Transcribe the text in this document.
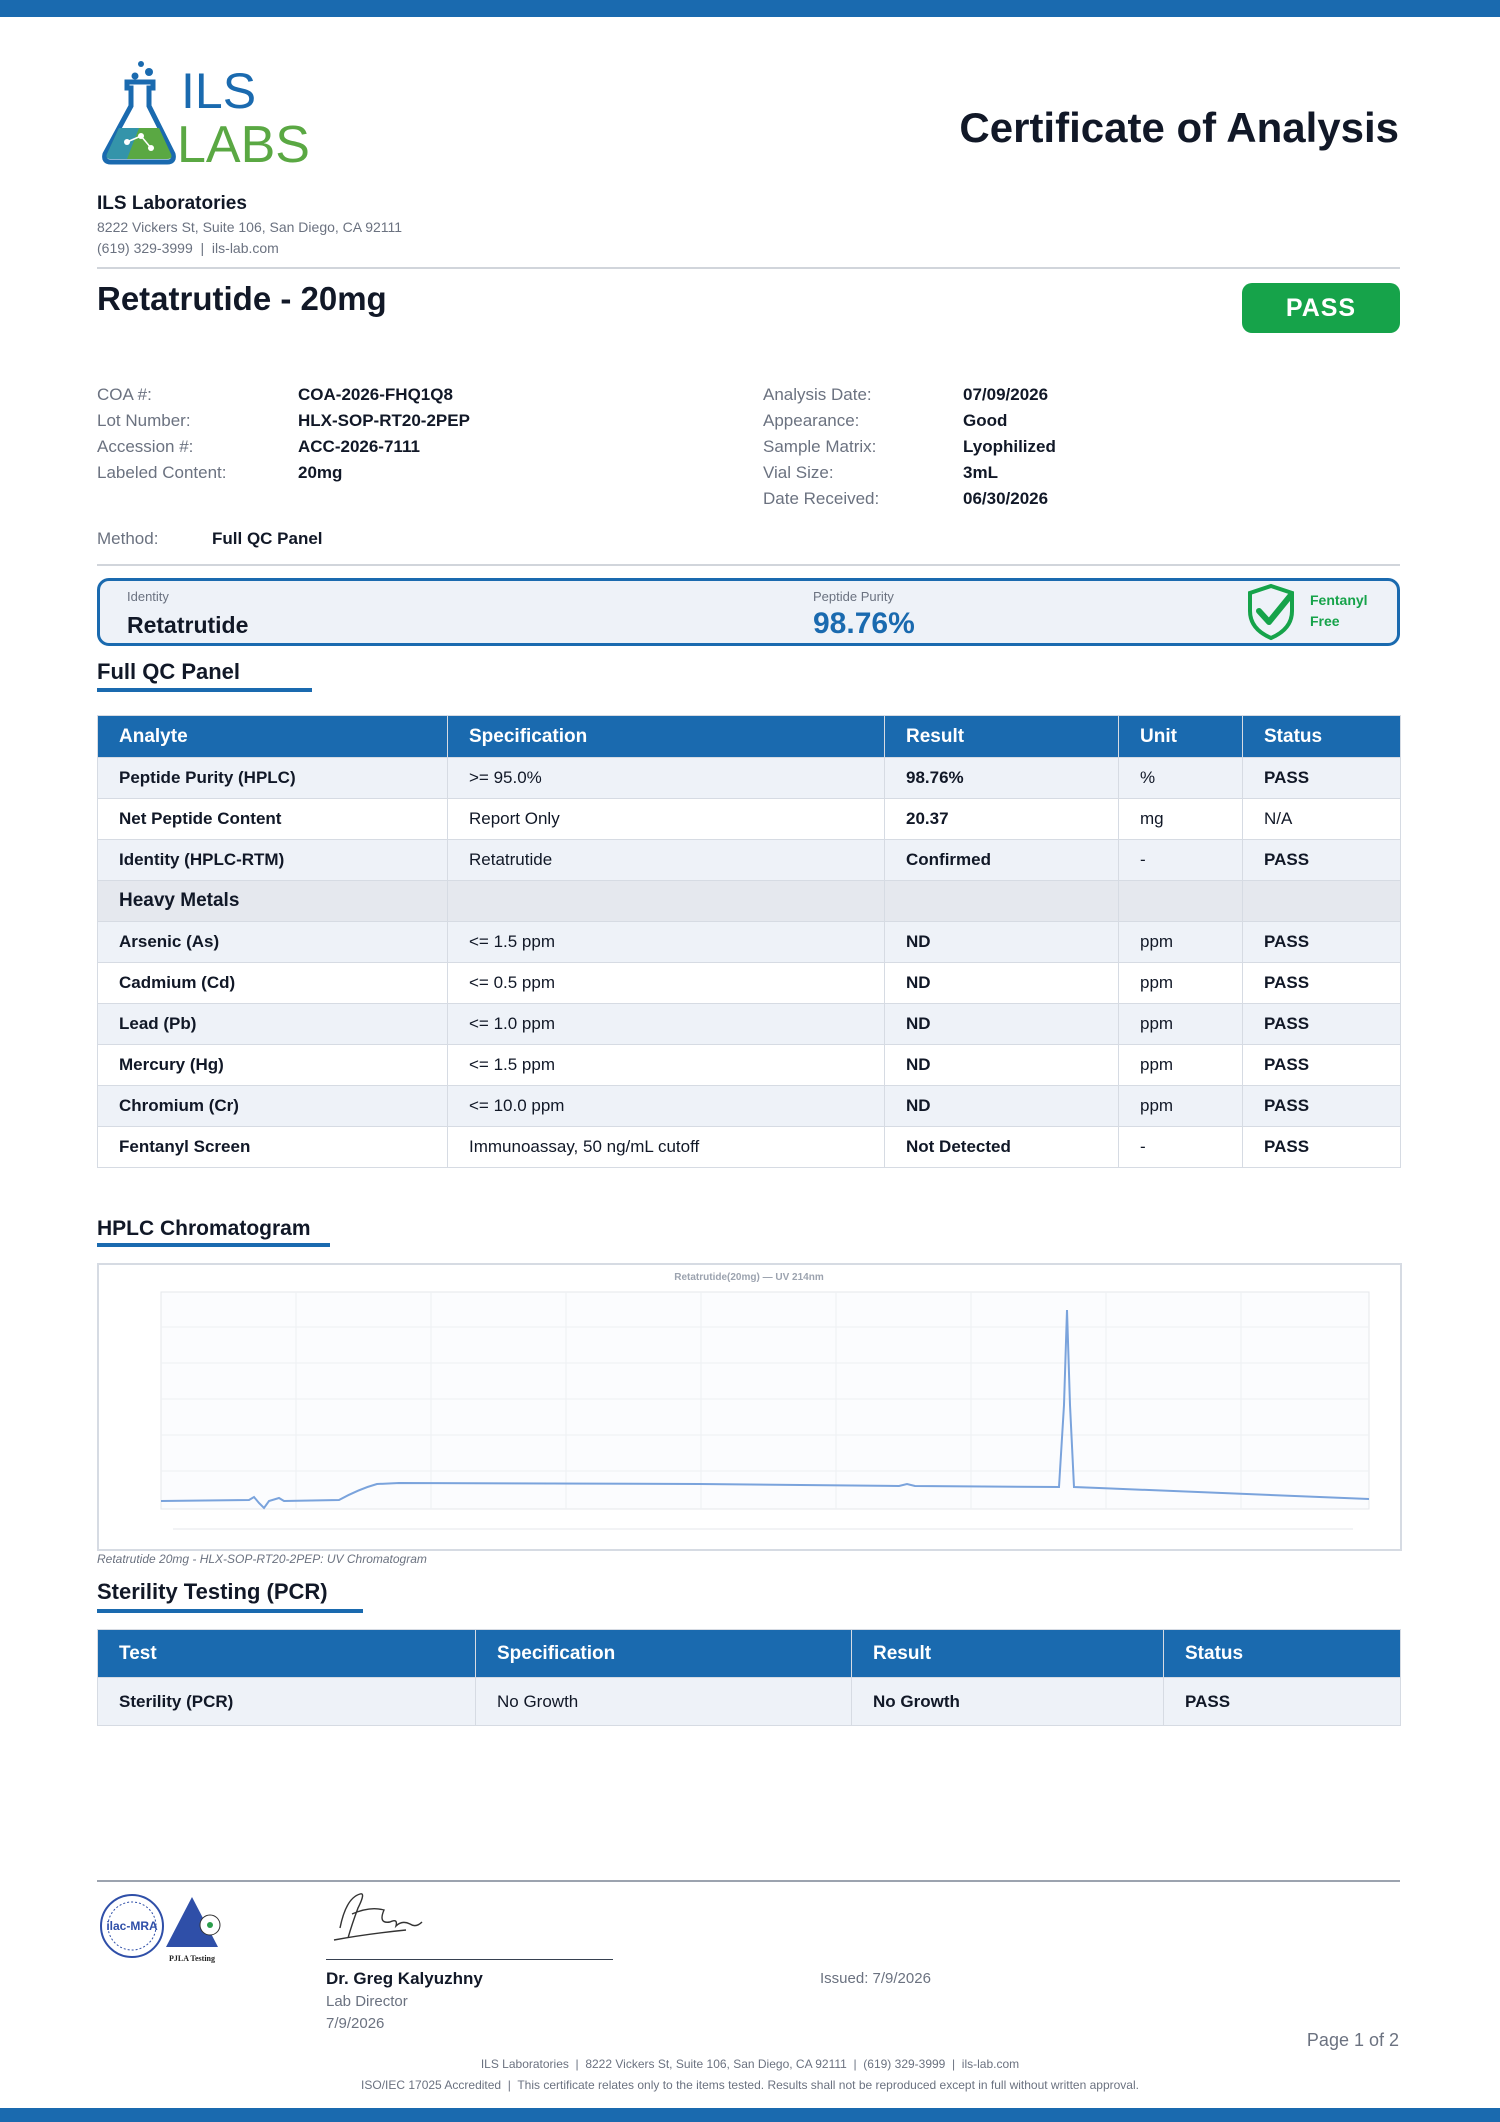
ILS
LABS	Certificate of Analysis
ILS Laboratories
8222 Vickers St, Suite 106, San Diego, CA 92111
(619) 329-3999  |  ils-lab.com
Retatrutide - 20mg	PASS
COA #:	COA-2026-FHQ1Q8
Lot Number:	HLX-SOP-RT20-2PEP
Accession #:	ACC-2026-7111
Labeled Content:	20mg
Analysis Date:	07/09/2026
Appearance:	Good
Sample Matrix:	Lyophilized
Vial Size:	3mL
Date Received:	06/30/2026
Method:	Full QC Panel
Identity
Retatrutide
Peptide Purity
98.76%
Fentanyl
Free
Full QC Panel
Analyte	Specification	Result	Unit	Status
Peptide Purity (HPLC)	>= 95.0%	98.76%	%	PASS
Net Peptide Content	Report Only	20.37	mg	N/A
Identity (HPLC-RTM)	Retatrutide	Confirmed	-	PASS
Heavy Metals				
Arsenic (As)	<= 1.5 ppm	ND	ppm	PASS
Cadmium (Cd)	<= 0.5 ppm	ND	ppm	PASS
Lead (Pb)	<= 1.0 ppm	ND	ppm	PASS
Mercury (Hg)	<= 1.5 ppm	ND	ppm	PASS
Chromium (Cr)	<= 10.0 ppm	ND	ppm	PASS
Fentanyl Screen	Immunoassay, 50 ng/mL cutoff	Not Detected	-	PASS
HPLC Chromatogram
Retatrutide(20mg) — UV 214nm
Retatrutide 20mg - HLX-SOP-RT20-2PEP: UV Chromatogram
Sterility Testing (PCR)
Test	Specification	Result	Status
Sterility (PCR)	No Growth	No Growth	PASS
ilac-MRA
PJLA Testing
Dr. Greg Kalyuzhny
Lab Director
7/9/2026
Issued: 7/9/2026
Page 1 of 2
ILS Laboratories  |  8222 Vickers St, Suite 106, San Diego, CA 92111  |  (619) 329-3999  |  ils-lab.com
ISO/IEC 17025 Accredited  |  This certificate relates only to the items tested. Results shall not be reproduced except in full without written approval.
